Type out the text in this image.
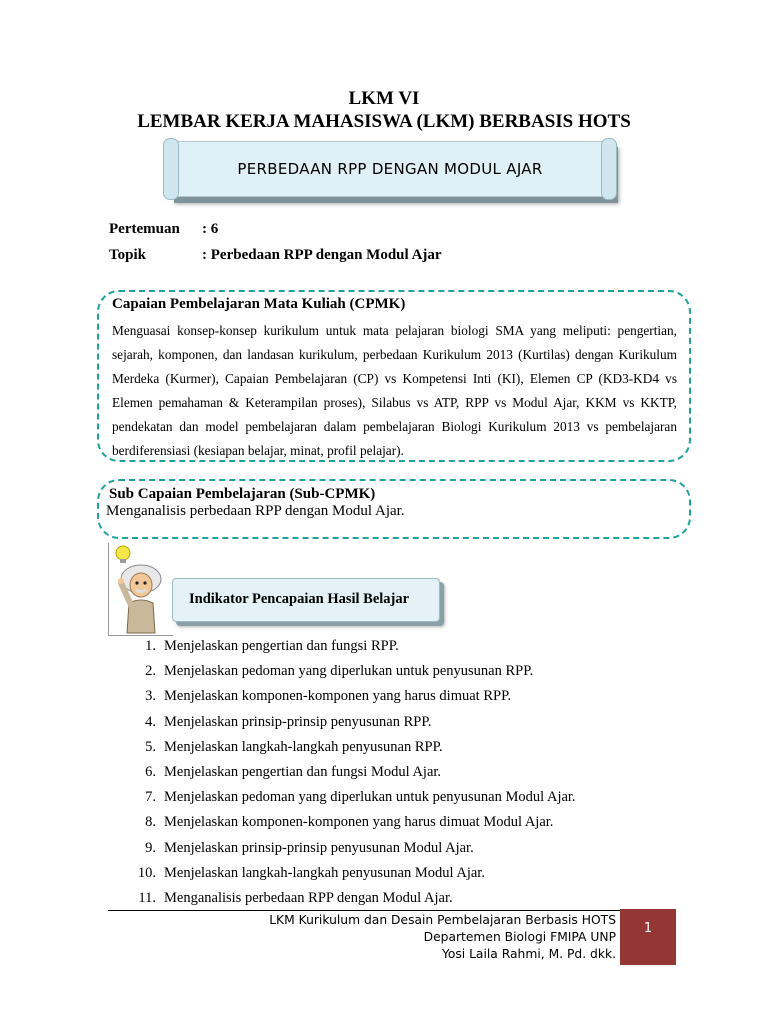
LKM VI
LEMBAR KERJA MAHASISWA (LKM) BERBASIS HOTS
PERBEDAAN RPP DENGAN MODUL AJAR
Pertemuan : 6
Topik	: Perbedaan RPP dengan Modul Ajar
Capaian Pembelajaran Mata Kuliah (CPMK)
Menguasai konsep-konsep kurikulum untuk mata pelajaran biologi SMA yang meliputi: pengertian, sejarah, komponen, dan landasan kurikulum, perbedaan Kurikulum 2013 (Kurtilas) dengan Kurikulum Merdeka (Kurmer), Capaian Pembelajaran (CP) vs Kompetensi Inti (KI), Elemen CP (KD3-KD4 vs Elemen pemahaman & Keterampilan proses), Silabus vs ATP, RPP vs Modul Ajar, KKM vs KKTP, pendekatan dan model pembelajaran dalam pembelajaran Biologi Kurikulum 2013 vs pembelajaran berdiferensiasi (kesiapan belajar, minat, profil pelajar).
Sub Capaian Pembelajaran (Sub-CPMK)
Menganalisis perbedaan RPP dengan Modul Ajar.
Indikator Pencapaian Hasil Belajar
1. Menjelaskan pengertian dan fungsi RPP.
2. Menjelaskan pedoman yang diperlukan untuk penyusunan RPP.
3. Menjelaskan komponen-komponen yang harus dimuat RPP.
4. Menjelaskan prinsip-prinsip penyusunan RPP.
5. Menjelaskan langkah-langkah penyusunan RPP.
6. Menjelaskan pengertian dan fungsi Modul Ajar.
7. Menjelaskan pedoman yang diperlukan untuk penyusunan Modul Ajar.
8. Menjelaskan komponen-komponen yang harus dimuat Modul Ajar.
9. Menjelaskan prinsip-prinsip penyusunan Modul Ajar.
10. Menjelaskan langkah-langkah penyusunan Modul Ajar.
11. Menganalisis perbedaan RPP dengan Modul Ajar.
LKM Kurikulum dan Desain Pembelajaran Berbasis HOTS
Departemen Biologi FMIPA UNP
Yosi Laila Rahmi, M. Pd. dkk.
1
